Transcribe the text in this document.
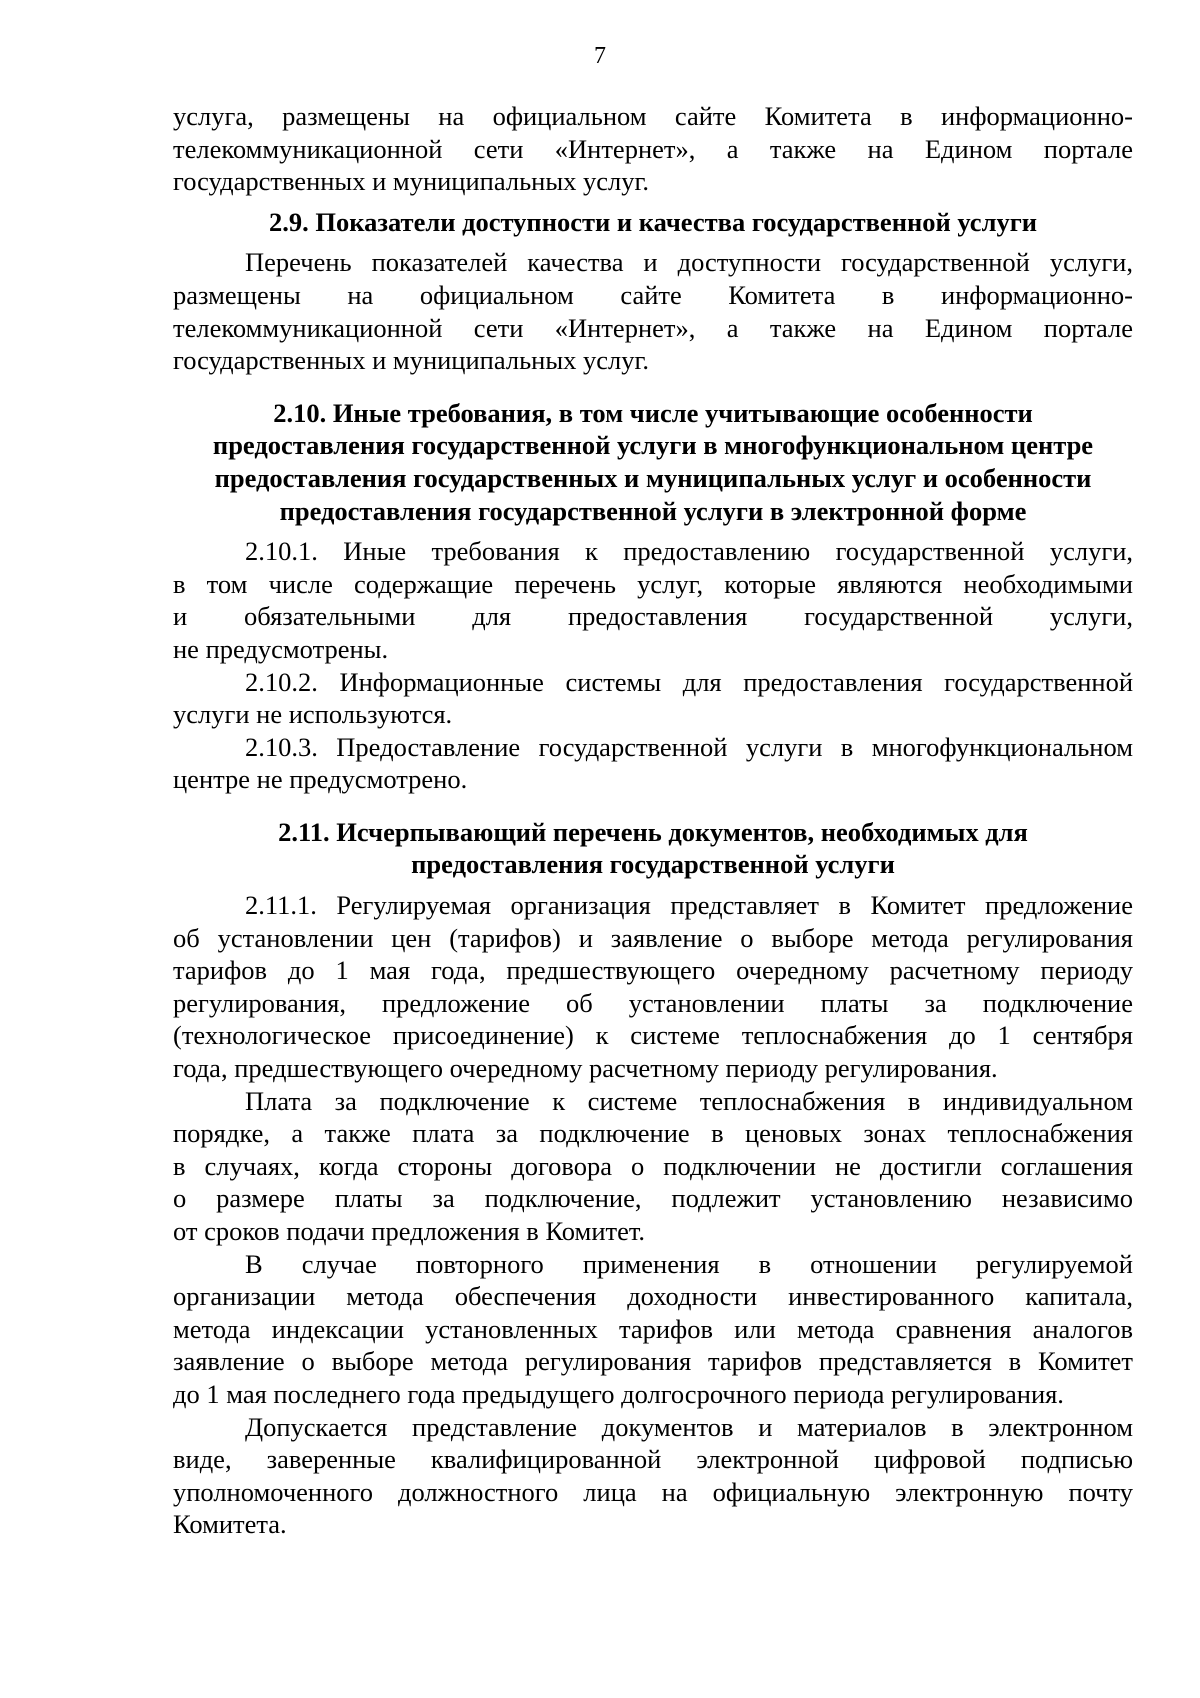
7

услуга, размещены на официальном сайте Комитета в информационно-
телекоммуникационной сети «Интернет», а также на Едином портале
государственных и муниципальных услуг.

2.9. Показатели доступности и качества государственной услуги

Перечень показателей качества и доступности государственной услуги,
размещены на официальном сайте Комитета в информационно-
телекоммуникационной сети «Интернет», а также на Едином портале
государственных и муниципальных услуг.

2.10. Иные требования, в том числе учитывающие особенности
предоставления государственной услуги в многофункциональном центре
предоставления государственных и муниципальных услуг и особенности
предоставления государственной услуги в электронной форме

2.10.1. Иные требования к предоставлению государственной услуги,
в том числе содержащие перечень услуг, которые являются необходимыми
и обязательными для предоставления государственной услуги,
не предусмотрены.

2.10.2. Информационные системы для предоставления государственной
услуги не используются.

2.10.3. Предоставление государственной услуги в многофункциональном
центре не предусмотрено.

2.11. Исчерпывающий перечень документов, необходимых для
предоставления государственной услуги

2.11.1. Регулируемая организация представляет в Комитет предложение
об установлении цен (тарифов) и заявление о выборе метода регулирования
тарифов до 1 мая года, предшествующего очередному расчетному периоду
регулирования, предложение об установлении платы за подключение
(технологическое присоединение) к системе теплоснабжения до 1 сентября
года, предшествующего очередному расчетному периоду регулирования.

Плата за подключение к системе теплоснабжения в индивидуальном
порядке, а также плата за подключение в ценовых зонах теплоснабжения
в случаях, когда стороны договора о подключении не достигли соглашения
о размере платы за подключение, подлежит установлению независимо
от сроков подачи предложения в Комитет.

В случае повторного применения в отношении регулируемой
организации метода обеспечения доходности инвестированного капитала,
метода индексации установленных тарифов или метода сравнения аналогов
заявление о выборе метода регулирования тарифов представляется в Комитет
до 1 мая последнего года предыдущего долгосрочного периода регулирования.

Допускается представление документов и материалов в электронном
виде, заверенные квалифицированной электронной цифровой подписью
уполномоченного должностного лица на официальную электронную почту
Комитета.
